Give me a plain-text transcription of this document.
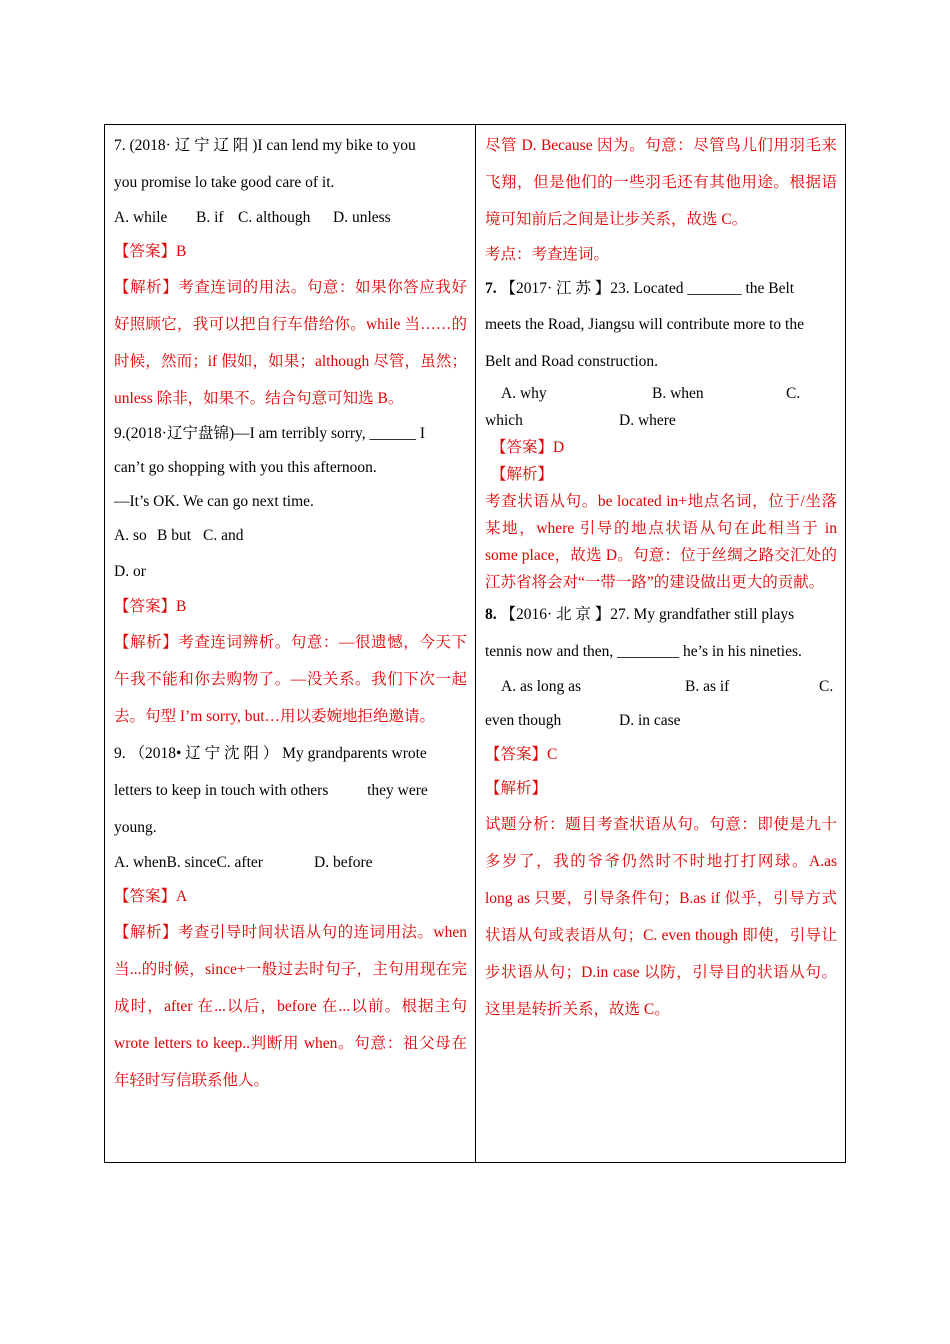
7. (2018· 辽 宁 辽 阳 )I can lend my bike to you

you promise lo take good care of it.

A. while B. if C. although D. unless

【答案】B

【解析】考查连词的用法。句意：如果你答应我好好照顾它，我可以把自行车借给你。while 当……的时候，然而；if 假如，如果；although 尽管，虽然；unless 除非，如果不。结合句意可知选 B。

9.(2018·辽宁盘锦)—I am terribly sorry, ______ I

can’t go shopping with you this afternoon.

—It’s OK. We can go next time.

A. so B but C. and

D. or

【答案】B

【解析】考查连词辨析。句意：—很遗憾，今天下午我不能和你去购物了。—没关系。我们下次一起去。句型 I’m sorry, but…用以委婉地拒绝邀请。

9. （2018• 辽 宁 沈 阳 ） My grandparents wrote

letters to keep in touch with others          they were

young.

A. whenB. sinceC. after	D. before

【答案】A

【解析】考查引导时间状语从句的连词用法。when 当...的时候，since+一般过去时句子，主句用现在完成时，after 在...以后，before 在...以前。根据主句 wrote letters to keep..判断用 when。句意：祖父母在年轻时写信联系他人。

尽管 D. Because 因为。句意：尽管鸟儿们用羽毛来飞翔，但是他们的一些羽毛还有其他用途。根据语境可知前后之间是让步关系，故选 C。

考点：考查连词。

7. 【2017· 江 苏 】23. Located _______ the Belt

meets the Road, Jiangsu will contribute more to the

Belt and Road construction.

A. why	B. when	C.

which	D. where

【答案】D

【解析】

考查状语从句。be located in+地点名词，位于/坐落某地，where 引导的地点状语从句在此相当于 in some place，故选 D。句意：位于丝绸之路交汇处的江苏省将会对“一带一路”的建设做出更大的贡献。

8. 【2016· 北 京 】27. My grandfather still plays

tennis now and then, ________ he’s in his nineties.

A. as long as	B. as if	C.

even though	D. in case

【答案】C

【解析】

试题分析：题目考查状语从句。句意：即使是九十多岁了，我的爷爷仍然时不时地打打网球。A.as long as 只要，引导条件句；B.as if 似乎，引导方式状语从句或表语从句；C. even though 即使，引导让步状语从句；D.in case 以防，引导目的状语从句。这里是转折关系，故选 C。
